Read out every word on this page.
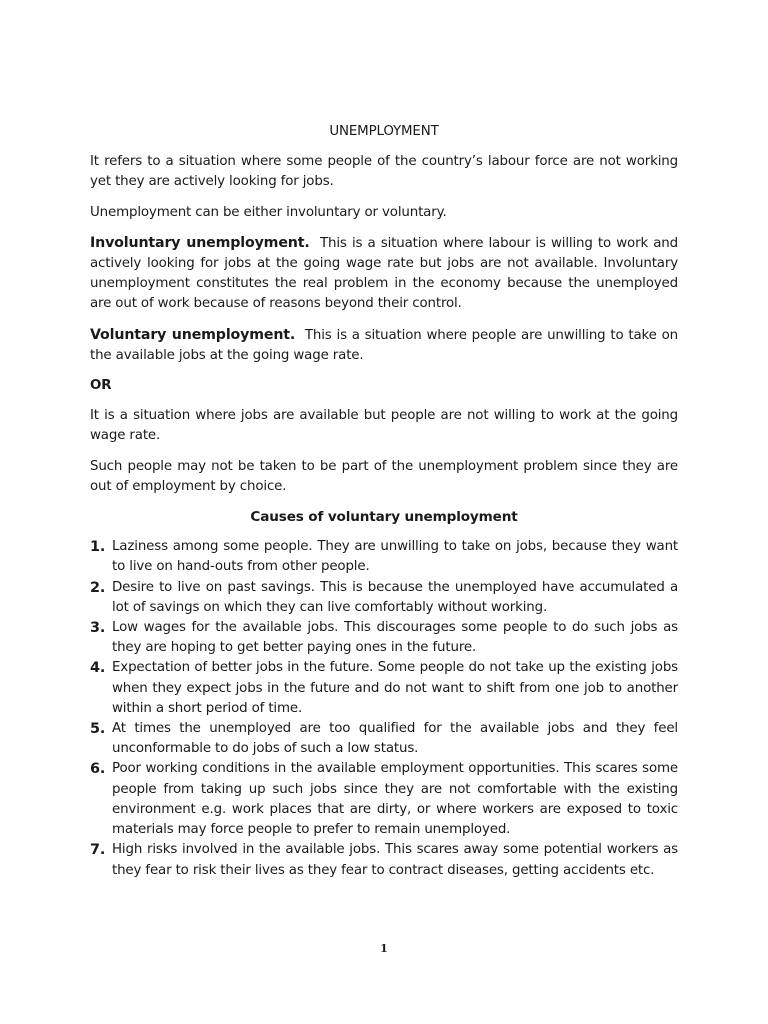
UNEMPLOYMENT

It refers to a situation where some people of the country’s labour force are not working yet they are actively looking for jobs.

Unemployment can be either involuntary or voluntary.

Involuntary unemployment. This is a situation where labour is willing to work and actively looking for jobs at the going wage rate but jobs are not available. Involuntary unemployment constitutes the real problem in the economy because the unemployed are out of work because of reasons beyond their control.

Voluntary unemployment. This is a situation where people are unwilling to take on the available jobs at the going wage rate.

OR

It is a situation where jobs are available but people are not willing to work at the going wage rate.

Such people may not be taken to be part of the unemployment problem since they are out of employment by choice.

Causes of voluntary unemployment
1. Laziness among some people. They are unwilling to take on jobs, because they want to live on hand-outs from other people.
2. Desire to live on past savings. This is because the unemployed have accumulated a lot of savings on which they can live comfortably without working.
3. Low wages for the available jobs. This discourages some people to do such jobs as they are hoping to get better paying ones in the future.
4. Expectation of better jobs in the future. Some people do not take up the existing jobs when they expect jobs in the future and do not want to shift from one job to another within a short period of time.
5. At times the unemployed are too qualified for the available jobs and they feel unconformable to do jobs of such a low status.
6. Poor working conditions in the available employment opportunities. This scares some people from taking up such jobs since they are not comfortable with the existing environment e.g. work places that are dirty, or where workers are exposed to toxic materials may force people to prefer to remain unemployed.
7. High risks involved in the available jobs. This scares away some potential workers as they fear to risk their lives as they fear to contract diseases, getting accidents etc.
1
